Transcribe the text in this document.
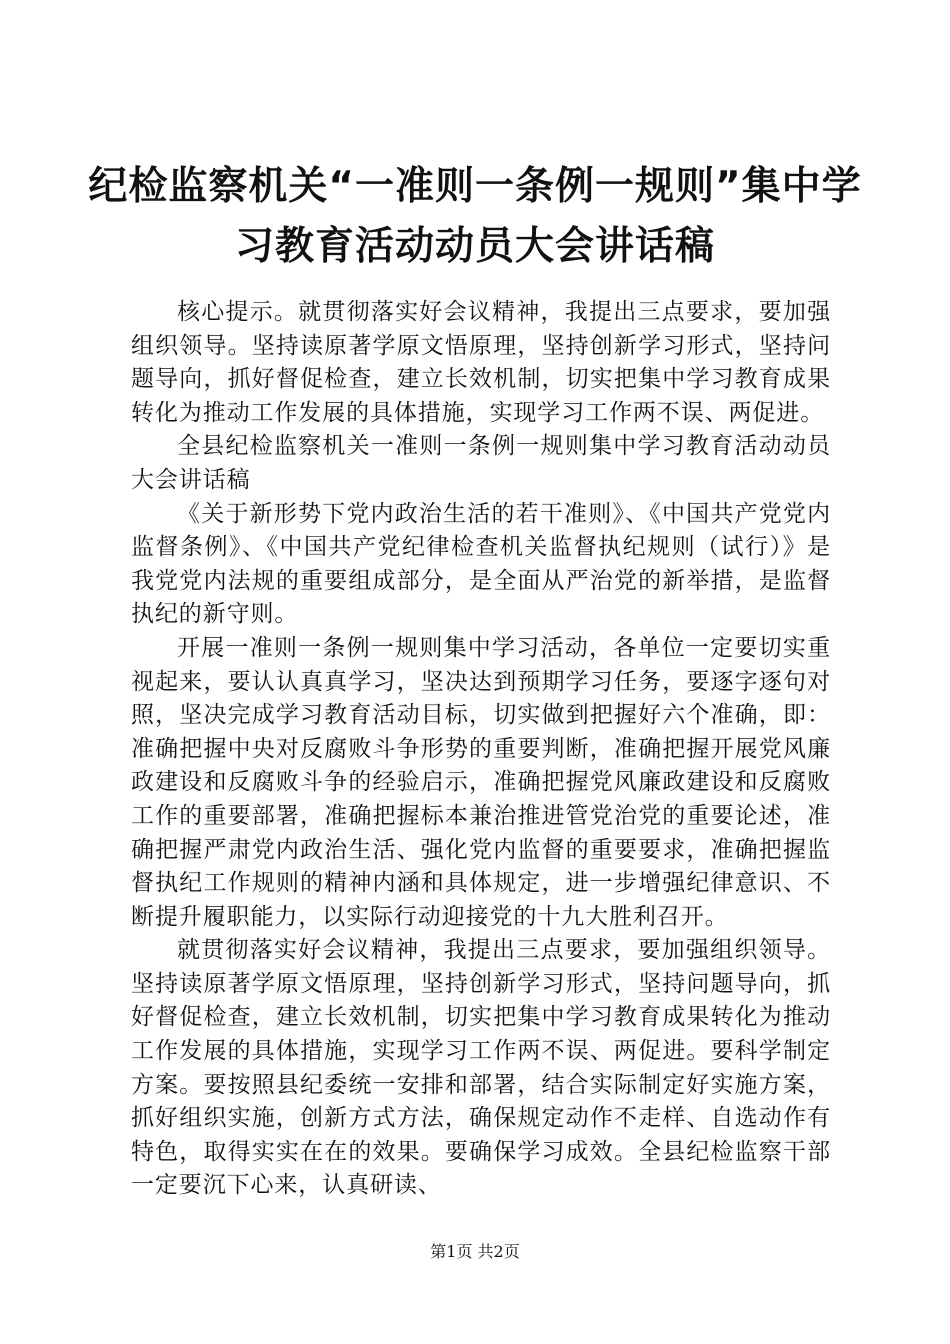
纪检监察机关“一准则一条例一规则”集中学
习教育活动动员大会讲话稿

核心提示。就贯彻落实好会议精神，我提出三点要求，要加强组织领导。坚持读原著学原文悟原理，坚持创新学习形式，坚持问题导向，抓好督促检查，建立长效机制，切实把集中学习教育成果转化为推动工作发展的具体措施，实现学习工作两不误、两促进。

全县纪检监察机关一准则一条例一规则集中学习教育活动动员大会讲话稿

《关于新形势下党内政治生活的若干准则》、《中国共产党党内监督条例》、《中国共产党纪律检查机关监督执纪规则（试行）》是我党党内法规的重要组成部分，是全面从严治党的新举措，是监督执纪的新守则。

开展一准则一条例一规则集中学习活动，各单位一定要切实重视起来，要认认真真学习，坚决达到预期学习任务，要逐字逐句对照，坚决完成学习教育活动目标，切实做到把握好六个准确，即：准确把握中央对反腐败斗争形势的重要判断，准确把握开展党风廉政建设和反腐败斗争的经验启示，准确把握党风廉政建设和反腐败工作的重要部署，准确把握标本兼治推进管党治党的重要论述，准确把握严肃党内政治生活、强化党内监督的重要要求，准确把握监督执纪工作规则的精神内涵和具体规定，进一步增强纪律意识、不断提升履职能力，以实际行动迎接党的十九大胜利召开。

就贯彻落实好会议精神，我提出三点要求，要加强组织领导。坚持读原著学原文悟原理，坚持创新学习形式，坚持问题导向，抓好督促检查，建立长效机制，切实把集中学习教育成果转化为推动工作发展的具体措施，实现学习工作两不误、两促进。要科学制定方案。要按照县纪委统一安排和部署，结合实际制定好实施方案，抓好组织实施，创新方式方法，确保规定动作不走样、自选动作有特色，取得实实在在的效果。要确保学习成效。全县纪检监察干部一定要沉下心来，认真研读、

第1页 共2页
